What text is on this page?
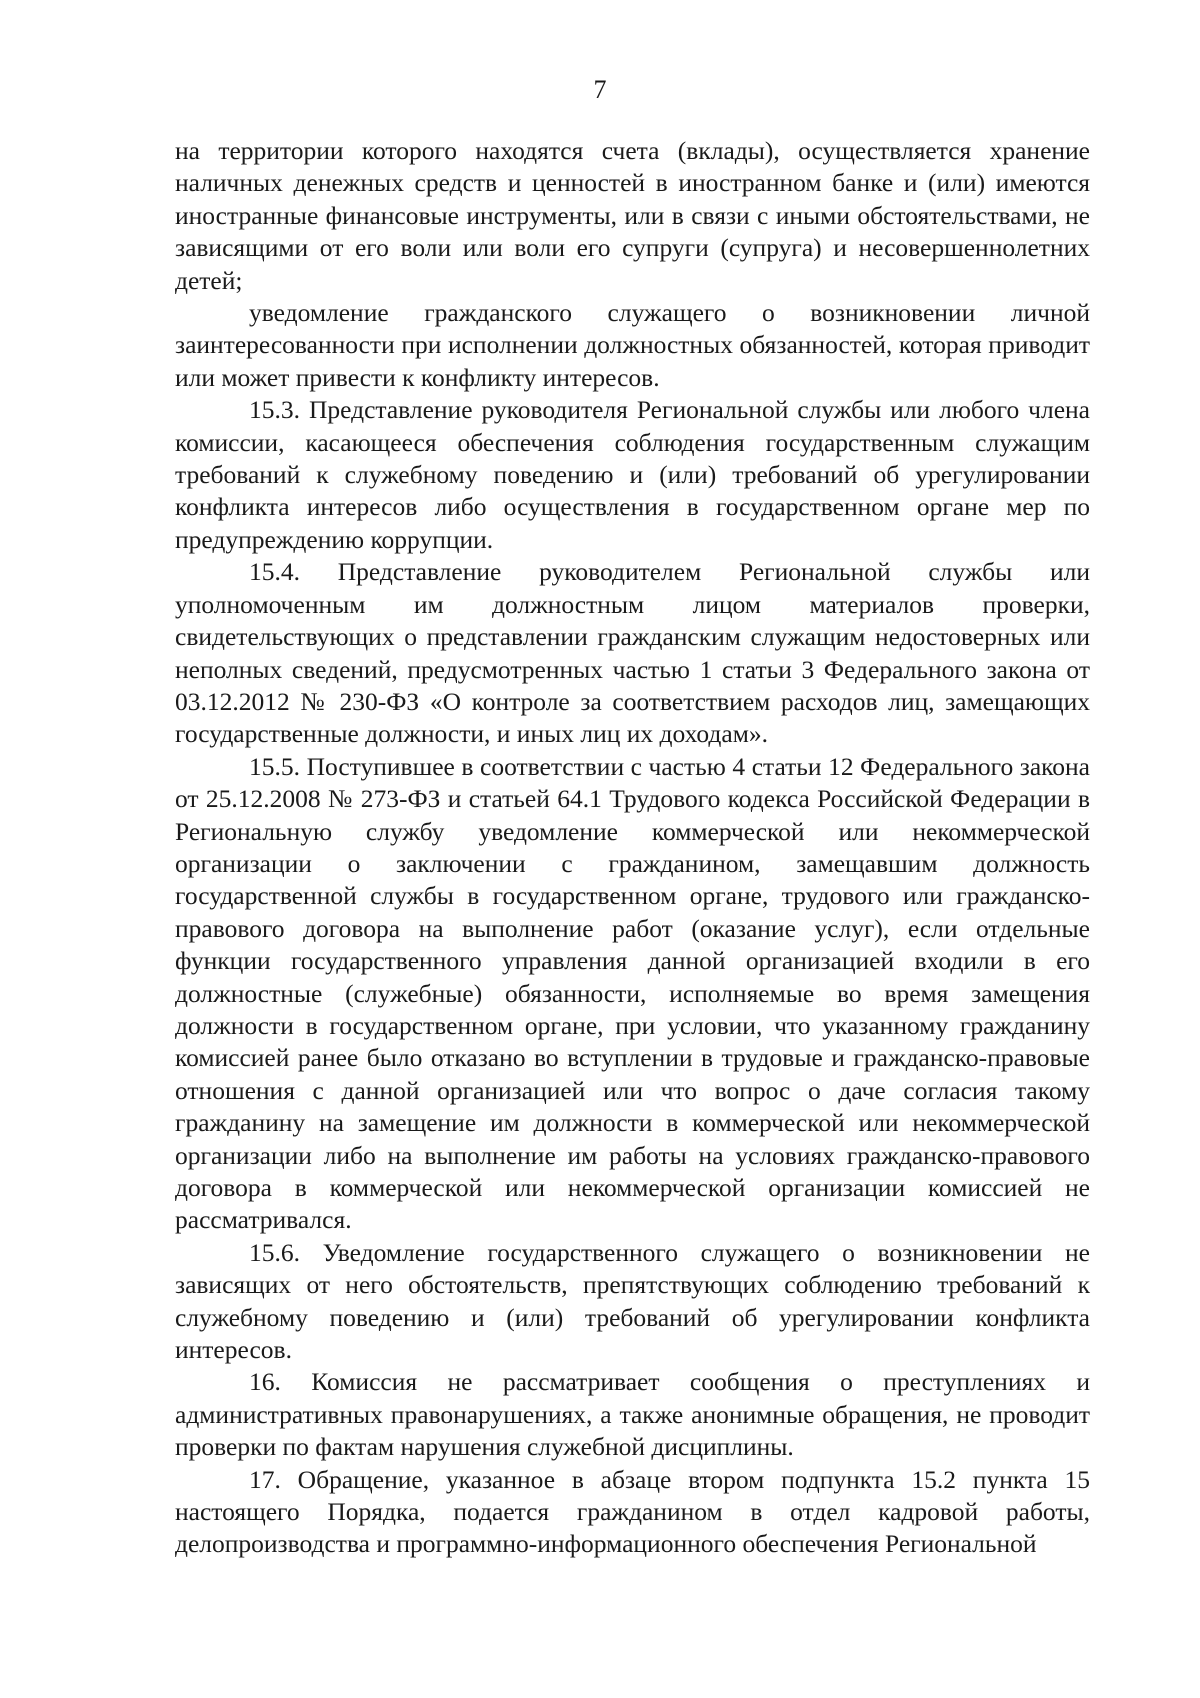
7

на территории которого находятся счета (вклады), осуществляется хранение наличных денежных средств и ценностей в иностранном банке и (или) имеются иностранные финансовые инструменты, или в связи с иными обстоятельствами, не зависящими от его воли или воли его супруги (супруга) и несовершеннолетних детей;

уведомление гражданского служащего о возникновении личной заинтересованности при исполнении должностных обязанностей, которая приводит или может привести к конфликту интересов.

15.3. Представление руководителя Региональной службы или любого члена комиссии, касающееся обеспечения соблюдения государственным служащим требований к служебному поведению и (или) требований об урегулировании конфликта интересов либо осуществления в государственном органе мер по предупреждению коррупции.

15.4. Представление руководителем Региональной службы или уполномоченным им должностным лицом материалов проверки, свидетельствующих о представлении гражданским служащим недостоверных или неполных сведений, предусмотренных частью 1 статьи 3 Федерального закона от 03.12.2012 № 230-ФЗ «О контроле за соответствием расходов лиц, замещающих государственные должности, и иных лиц их доходам».

15.5. Поступившее в соответствии с частью 4 статьи 12 Федерального закона от 25.12.2008 № 273-ФЗ и статьей 64.1 Трудового кодекса Российской Федерации в Региональную службу уведомление коммерческой или некоммерческой организации о заключении с гражданином, замещавшим должность государственной службы в государственном органе, трудового или гражданско-правового договора на выполнение работ (оказание услуг), если отдельные функции государственного управления данной организацией входили в его должностные (служебные) обязанности, исполняемые во время замещения должности в государственном органе, при условии, что указанному гражданину комиссией ранее было отказано во вступлении в трудовые и гражданско-правовые отношения с данной организацией или что вопрос о даче согласия такому гражданину на замещение им должности в коммерческой или некоммерческой организации либо на выполнение им работы на условиях гражданско-правового договора в коммерческой или некоммерческой организации комиссией не рассматривался.

15.6. Уведомление государственного служащего о возникновении не зависящих от него обстоятельств, препятствующих соблюдению требований к служебному поведению и (или) требований об урегулировании конфликта интересов.

16. Комиссия не рассматривает сообщения о преступлениях и административных правонарушениях, а также анонимные обращения, не проводит проверки по фактам нарушения служебной дисциплины.

17. Обращение, указанное в абзаце втором подпункта 15.2 пункта 15 настоящего Порядка, подается гражданином в отдел кадровой работы, делопроизводства и программно-информационного обеспечения Региональной
